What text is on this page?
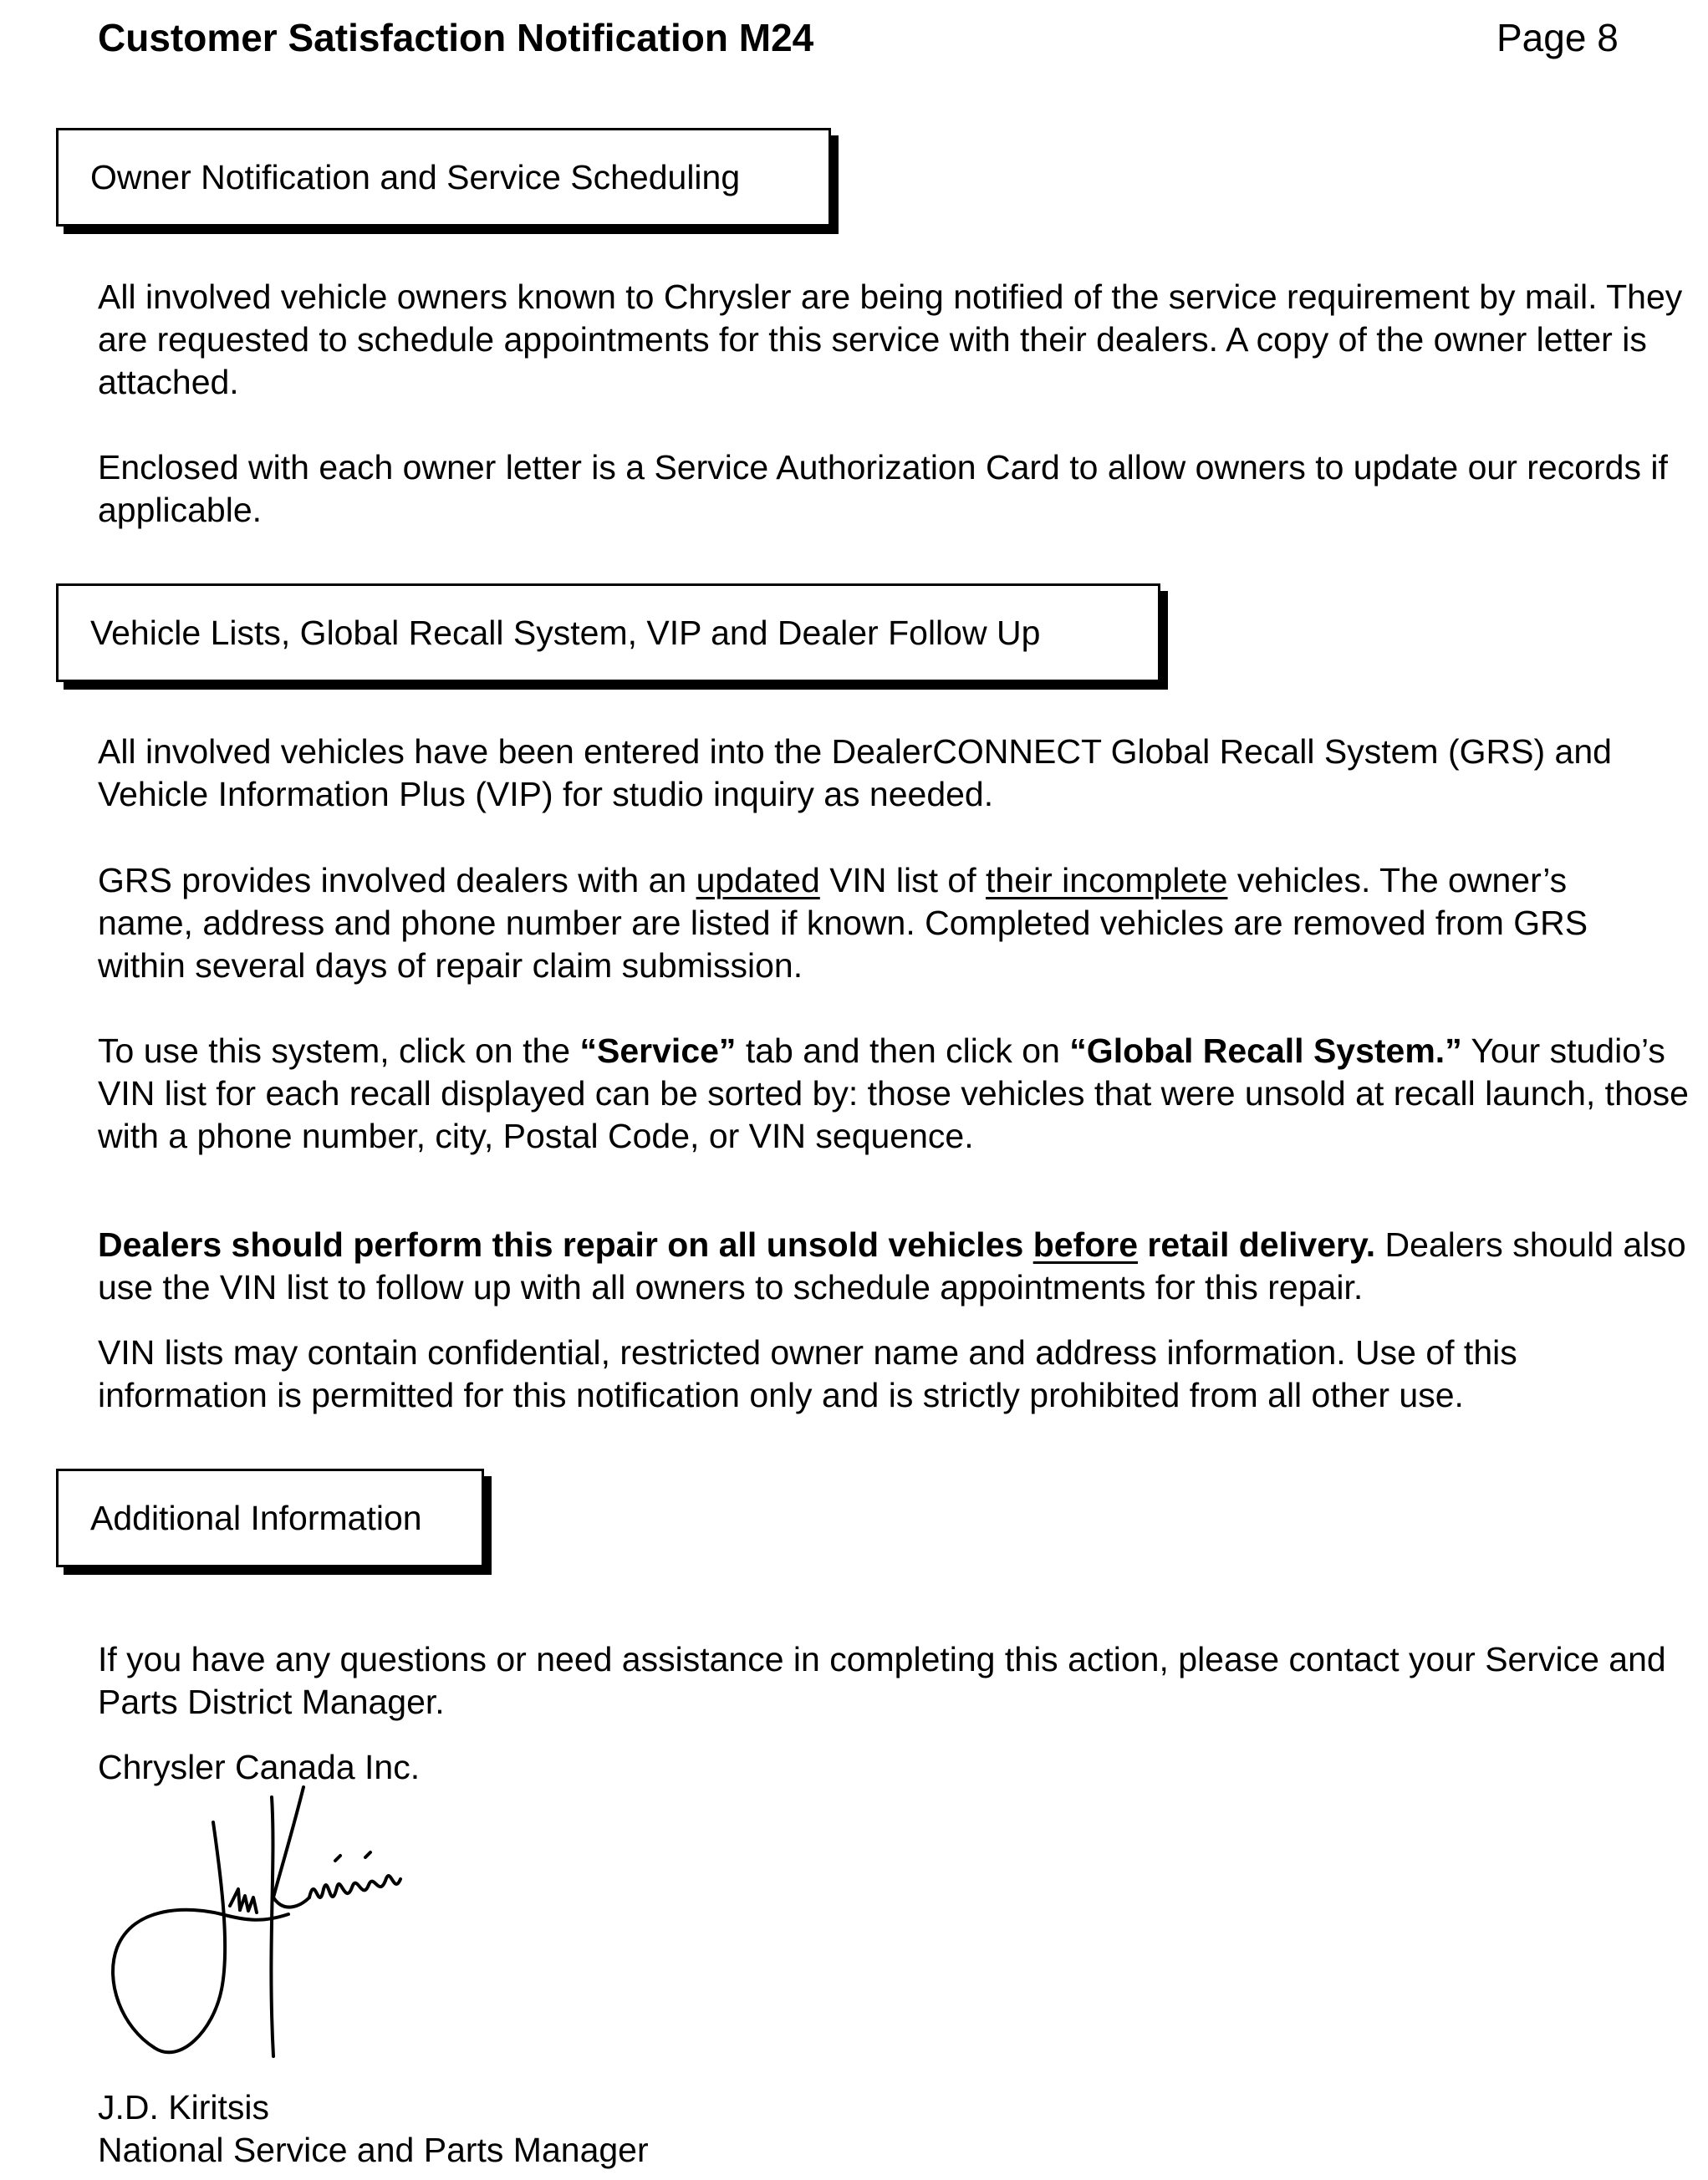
Customer Satisfaction Notification M24	Page 8
Owner Notification and Service Scheduling

All involved vehicle owners known to Chrysler are being notified of the service requirement by mail. They are requested to schedule appointments for this service with their dealers. A copy of the owner letter is attached.

Enclosed with each owner letter is a Service Authorization Card to allow owners to update our records if applicable.

Vehicle Lists, Global Recall System, VIP and Dealer Follow Up

All involved vehicles have been entered into the DealerCONNECT Global Recall System (GRS) and Vehicle Information Plus (VIP) for studio inquiry as needed.

GRS provides involved dealers with an updated VIN list of their incomplete vehicles. The owner’s name, address and phone number are listed if known. Completed vehicles are removed from GRS within several days of repair claim submission.

To use this system, click on the “Service” tab and then click on “Global Recall System.” Your studio’s VIN list for each recall displayed can be sorted by: those vehicles that were unsold at recall launch, those with a phone number, city, Postal Code, or VIN sequence.

Dealers should perform this repair on all unsold vehicles before retail delivery. Dealers should also use the VIN list to follow up with all owners to schedule appointments for this repair.

VIN lists may contain confidential, restricted owner name and address information. Use of this information is permitted for this notification only and is strictly prohibited from all other use.

Additional Information

If you have any questions or need assistance in completing this action, please contact your Service and Parts District Manager.

Chrysler Canada Inc.

J.D. Kiritsis

National Service and Parts Manager
